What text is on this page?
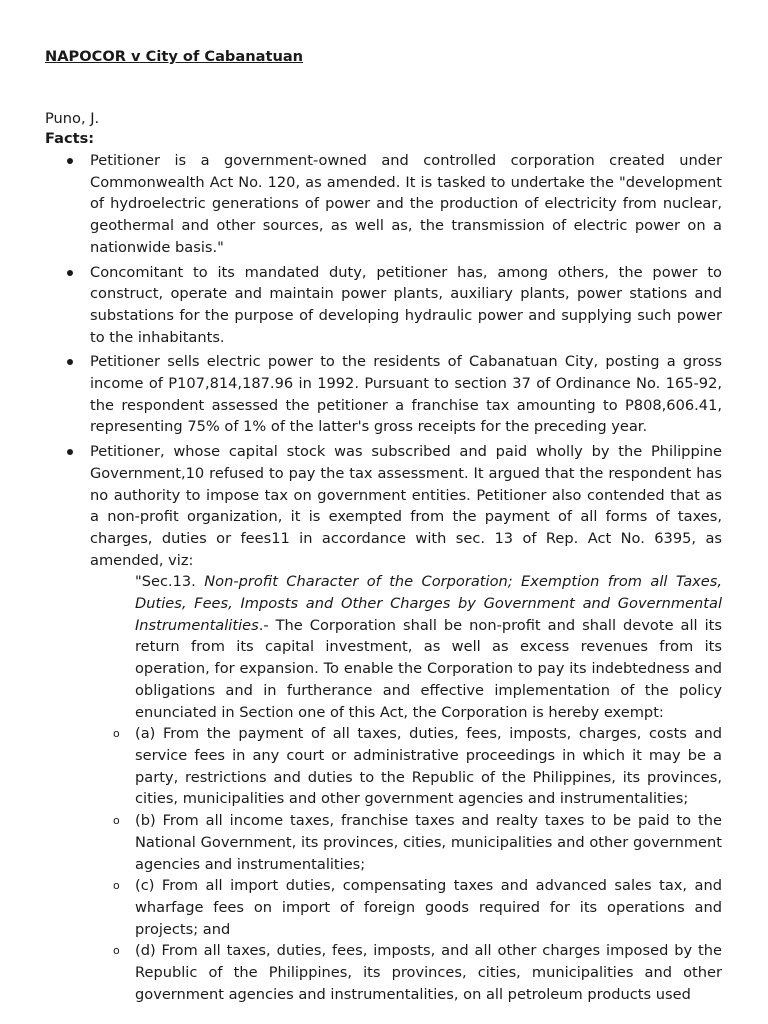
NAPOCOR v City of Cabanatuan
Puno, J.
Facts:
Petitioner is a government-owned and controlled corporation created under Commonwealth Act No. 120, as amended. It is tasked to undertake the "development of hydroelectric generations of power and the production of electricity from nuclear, geothermal and other sources, as well as, the transmission of electric power on a nationwide basis."
Concomitant to its mandated duty, petitioner has, among others, the power to construct, operate and maintain power plants, auxiliary plants, power stations and substations for the purpose of developing hydraulic power and supplying such power to the inhabitants.
Petitioner sells electric power to the residents of Cabanatuan City, posting a gross income of P107,814,187.96 in 1992. Pursuant to section 37 of Ordinance No. 165-92, the respondent assessed the petitioner a franchise tax amounting to P808,606.41, representing 75% of 1% of the latter's gross receipts for the preceding year.
Petitioner, whose capital stock was subscribed and paid wholly by the Philippine Government,10 refused to pay the tax assessment. It argued that the respondent has no authority to impose tax on government entities. Petitioner also contended that as a non-profit organization, it is exempted from the payment of all forms of taxes, charges, duties or fees11 in accordance with sec. 13 of Rep. Act No. 6395, as amended, viz:
"Sec.13. Non-profit Character of the Corporation; Exemption from all Taxes, Duties, Fees, Imposts and Other Charges by Government and Governmental Instrumentalities.- The Corporation shall be non-profit and shall devote all its return from its capital investment, as well as excess revenues from its operation, for expansion. To enable the Corporation to pay its indebtedness and obligations and in furtherance and effective implementation of the policy enunciated in Section one of this Act, the Corporation is hereby exempt:
o (a) From the payment of all taxes, duties, fees, imposts, charges, costs and service fees in any court or administrative proceedings in which it may be a party, restrictions and duties to the Republic of the Philippines, its provinces, cities, municipalities and other government agencies and instrumentalities;
o (b) From all income taxes, franchise taxes and realty taxes to be paid to the National Government, its provinces, cities, municipalities and other government agencies and instrumentalities;
o (c) From all import duties, compensating taxes and advanced sales tax, and wharfage fees on import of foreign goods required for its operations and projects; and
o (d) From all taxes, duties, fees, imposts, and all other charges imposed by the Republic of the Philippines, its provinces, cities, municipalities and other government agencies and instrumentalities, on all petroleum products used
